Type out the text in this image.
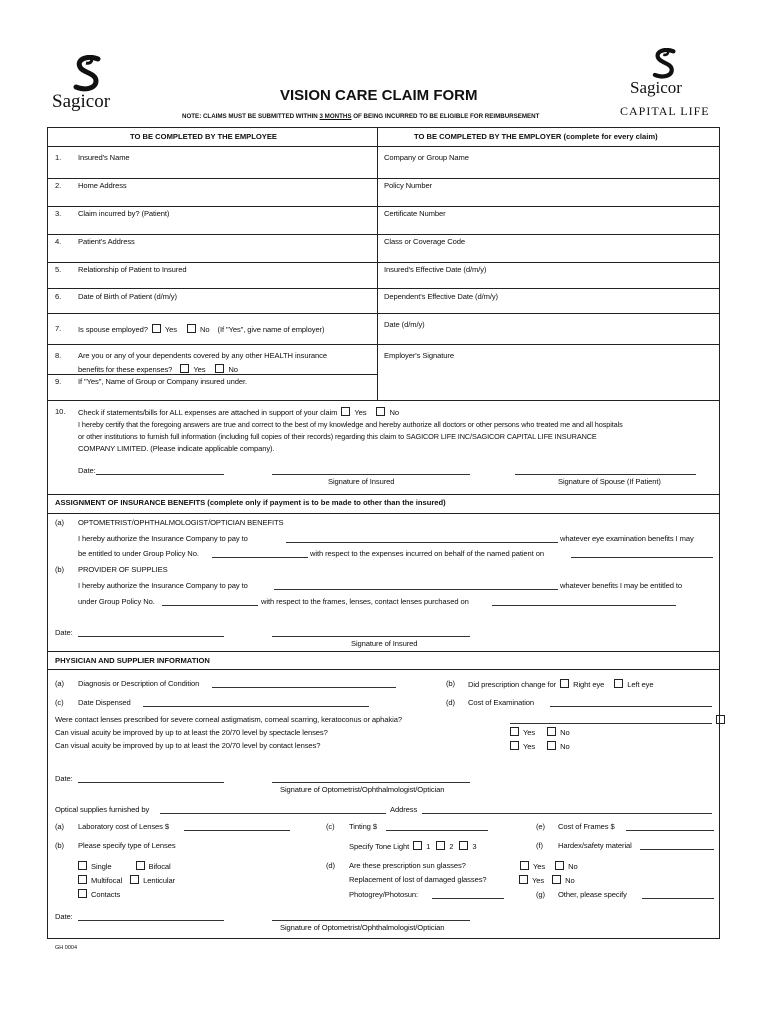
Sagicor
Sagicor
CAPITAL LIFE
VISION CARE CLAIM FORM
NOTE: CLAIMS MUST BE SUBMITTED WITHIN 3 MONTHS OF BEING INCURRED TO BE ELIGIBLE FOR REIMBURSEMENT
TO BE COMPLETED BY THE EMPLOYEE	TO BE COMPLETED BY THE EMPLOYER (complete for every claim)
1. Insured's Name	Company or Group Name
2. Home Address	Policy Number
3. Claim incurred by? (Patient)	Certificate Number
4. Patient's Address	Class or Coverage Code
5. Relationship of Patient to Insured	Insured's Effective Date (d/m/y)
6. Date of Birth of Patient (d/m/y)	Dependent's Effective Date (d/m/y)
7. Is spouse employed? Yes	No (If "Yes", give name of employer)
Date (d/m/y)
8. Are you or any of your dependents covered by any other HEALTH insurance
benefits for these expenses?	Yes	No
9. If "Yes", Name of Group or Company insured under.
Employer's Signature
10. Check if statements/bills for ALL expenses are attached in support of your claim Yes	No
I hereby certify that the foregoing answers are true and correct to the best of my knowledge and hereby authorize all doctors or other persons who treated me and all hospitals
or other institutions to furnish full information (including full copies of their records) regarding this claim to SAGICOR LIFE INC/SAGICOR CAPITAL LIFE INSURANCE
COMPANY LIMITED. (Please indicate applicable company).
Date:
Signature of Insured	Signature of Spouse (If Patient)
ASSIGNMENT OF INSURANCE BENEFITS (complete only if payment is to be made to other than the insured)
(a) OPTOMETRIST/OPHTHALMOLOGIST/OPTICIAN BENEFITS
I hereby authorize the Insurance Company to pay to	whatever eye examination benefits I may
be entitled to under Group Policy No.	with respect to the expenses incurred on behalf of the named patient on
(b) PROVIDER OF SUPPLIES
I hereby authorize the Insurance Company to pay to	whatever benefits I may be entitled to
under Group Policy No.	with respect to the frames, lenses, contact lenses purchased on
Date:
Signature of Insured
PHYSICIAN AND SUPPLIER INFORMATION
(a) Diagnosis or Description of Condition	(b) Did prescription change for Right eye	Left eye
(c) Date Dispensed	(d) Cost of Examination
Were contact lenses prescribed for severe corneal astigmatism, corneal scarring, keratoconus or aphakia?
Can visual acuity be improved by up to at least the 20/70 level by spectacle lenses?	Yes	No
Can visual acuity be improved by up to at least the 20/70 level by contact lenses?	Yes	No
Date:
Signature of Optometrist/Ophthalmologist/Optician
Optical supplies furnished by	Address
(a) Laboratory cost of Lenses $	(c) Tinting $	(e) Cost of Frames $
(b) Please specify type of Lenses	Specify Tone Light 1	2	3	(f) Hardex/safety material
Single	Bifocal
Multifocal	Lenticular
Contacts
(d) Are these prescription sun glasses?	Yes	No
Replacement of lost of damaged glasses?	Yes	No
Photogrey/Photosun:	(g) Other, please specify
Date:
Signature of Optometrist/Ophthalmologist/Optician
GH 0004
